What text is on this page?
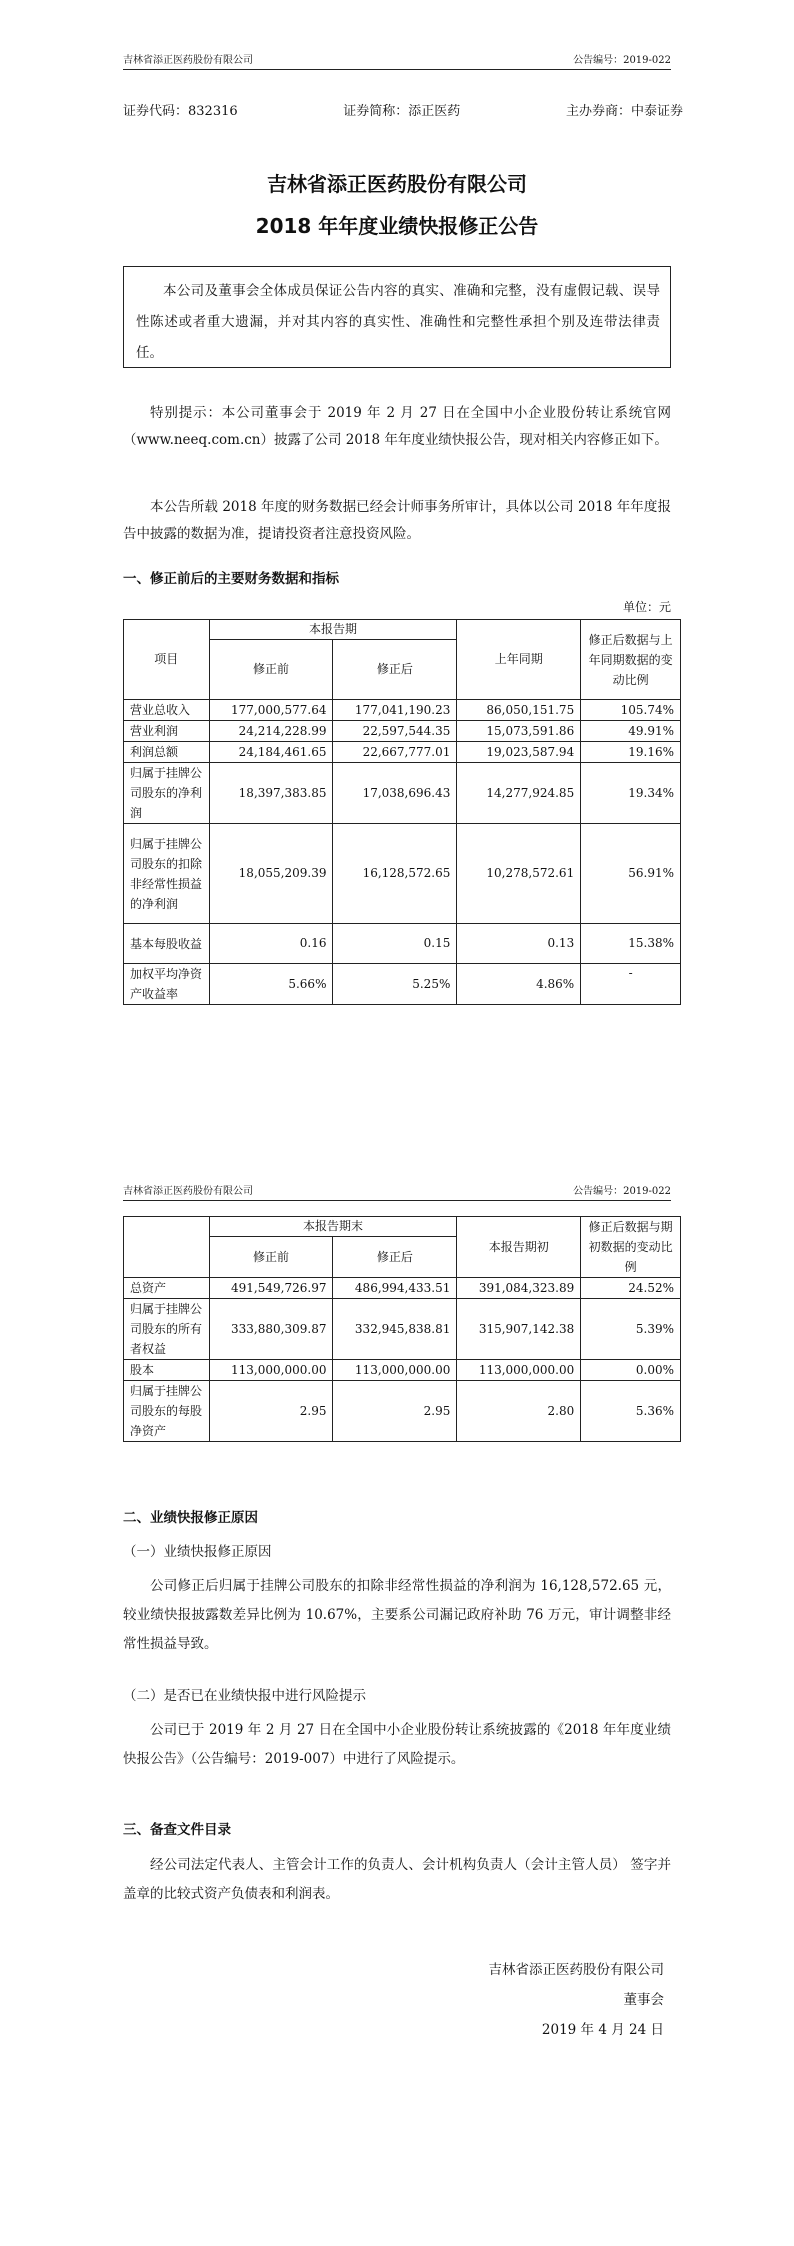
吉林省添正医药股份有限公司	公告编号：2019-022
证券代码：832316	证券简称：添正医药	主办券商：中泰证券
吉林省添正医药股份有限公司
2018 年年度业绩快报修正公告
本公司及董事会全体成员保证公告内容的真实、准确和完整，没有虚假记载、误导性陈述或者重大遗漏，并对其内容的真实性、准确性和完整性承担个别及连带法律责任。
特别提示：本公司董事会于 2019 年 2 月 27 日在全国中小企业股份转让系统官网（www.neeq.com.cn）披露了公司 2018 年年度业绩快报公告，现对相关内容修正如下。
本公告所载 2018 年度的财务数据已经会计师事务所审计，具体以公司 2018 年年度报告中披露的数据为准，提请投资者注意投资风险。
一、修正前后的主要财务数据和指标
单位：元
项目	本报告期		上年同期	修正后数据与上年同期数据的变动比例
	修正前	修正后		
营业总收入	177,000,577.64	177,041,190.23	86,050,151.75	105.74%
营业利润	24,214,228.99	22,597,544.35	15,073,591.86	49.91%
利润总额	24,184,461.65	22,667,777.01	19,023,587.94	19.16%
归属于挂牌公司股东的净利润	18,397,383.85	17,038,696.43	14,277,924.85	19.34%
归属于挂牌公司股东的扣除非经常性损益的净利润	18,055,209.39	16,128,572.65	10,278,572.61	56.91%
基本每股收益	0.16	0.15	0.13	15.38%
加权平均净资产收益率	5.66%	5.25%	4.86%	-
吉林省添正医药股份有限公司	公告编号：2019-022
	本报告期末		本报告期初	修正后数据与期初数据的变动比例
	修正前	修正后		
总资产	491,549,726.97	486,994,433.51	391,084,323.89	24.52%
归属于挂牌公司股东的所有者权益	333,880,309.87	332,945,838.81	315,907,142.38	5.39%
股本	113,000,000.00	113,000,000.00	113,000,000.00	0.00%
归属于挂牌公司股东的每股净资产	2.95	2.95	2.80	5.36%
二、业绩快报修正原因
（一）业绩快报修正原因
公司修正后归属于挂牌公司股东的扣除非经常性损益的净利润为 16,128,572.65 元，较业绩快报披露数差异比例为 10.67%，主要系公司漏记政府补助 76 万元，审计调整非经常性损益导致。
（二）是否已在业绩快报中进行风险提示
公司已于 2019 年 2 月 27 日在全国中小企业股份转让系统披露的《2018 年年度业绩快报公告》（公告编号：2019-007）中进行了风险提示。
三、备查文件目录
经公司法定代表人、主管会计工作的负责人、会计机构负责人（会计主管人员） 签字并盖章的比较式资产负债表和利润表。
吉林省添正医药股份有限公司
董事会
2019 年 4 月 24 日
